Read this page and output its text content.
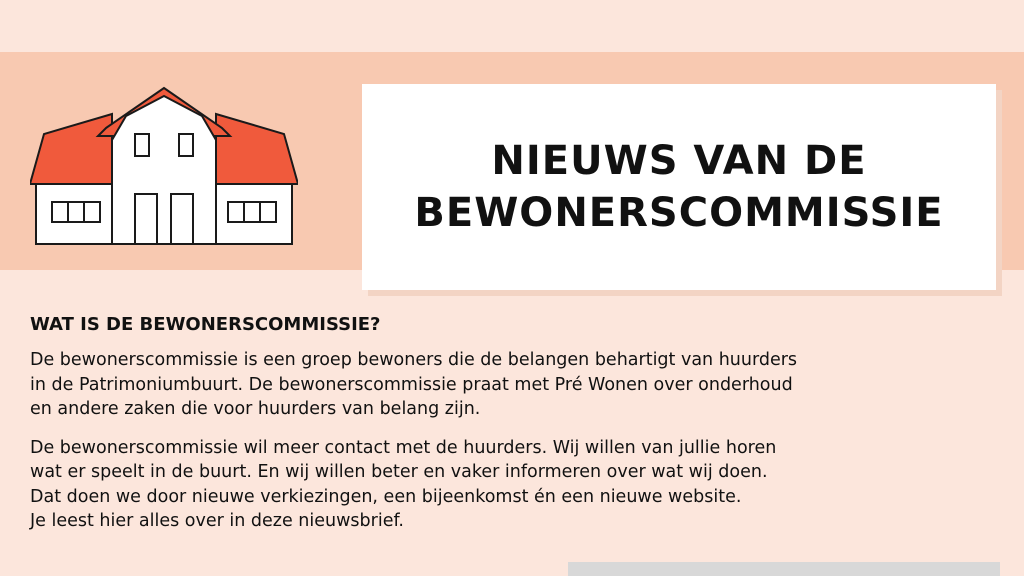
NIEUWS VAN DE
BEWONERSCOMMISSIE
WAT IS DE BEWONERSCOMMISSIE?

De bewonerscommissie is een groep bewoners die de belangen behartigt van huurders
in de Patrimoniumbuurt. De bewonerscommissie praat met Pré Wonen over onderhoud
en andere zaken die voor huurders van belang zijn.

De bewonerscommissie wil meer contact met de huurders. Wij willen van jullie horen
wat er speelt in de buurt. En wij willen beter en vaker informeren over wat wij doen.
Dat doen we door nieuwe verkiezingen, een bijeenkomst én een nieuwe website.
Je leest hier alles over in deze nieuwsbrief.
